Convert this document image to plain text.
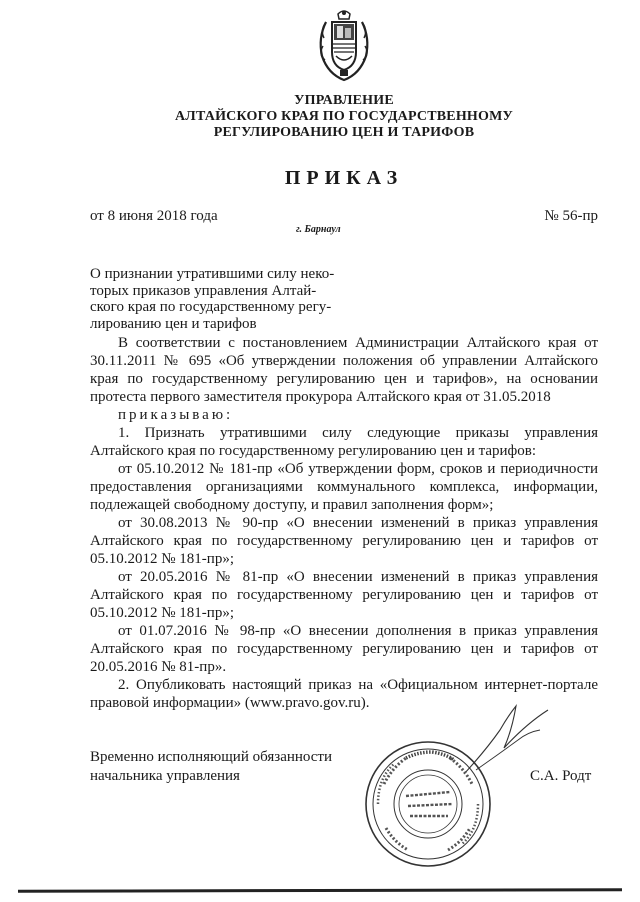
УПРАВЛЕНИЕ
АЛТАЙСКОГО КРАЯ ПО ГОСУДАРСТВЕННОМУ
РЕГУЛИРОВАНИЮ ЦЕН И ТАРИФОВ
ПРИКАЗ
от 8 июня 2018 года	№ 56-пр
г. Барнаул
О признании утратившими силу неко-
торых приказов управления Алтай-
ского края по государственному регу-
лированию цен и тарифов

В соответствии с постановлением Администрации Алтайского края от 30.11.2011 № 695 «Об утверждении положения об управлении Алтайского края по государственному регулированию цен и тарифов», на основании протеста первого заместителя прокурора Алтайского края от 31.05.2018

приказываю:

1. Признать утратившими силу следующие приказы управления Алтайского края по государственному регулированию цен и тарифов:

от 05.10.2012 № 181-пр «Об утверждении форм, сроков и периодичности предоставления организациями коммунального комплекса, информации, подлежащей свободному доступу, и правил заполнения форм»;

от 30.08.2013 № 90-пр «О внесении изменений в приказ управления Алтайского края по государственному регулированию цен и тарифов от 05.10.2012 № 181-пр»;

от 20.05.2016 № 81-пр «О внесении изменений в приказ управления Алтайского края по государственному регулированию цен и тарифов от 05.10.2012 № 181-пр»;

от 01.07.2016 № 98-пр «О внесении дополнения в приказ управления Алтайского края по государственному регулированию цен и тарифов от 20.05.2016 № 81-пр».

2. Опубликовать настоящий приказ на «Официальном интернет-портале правовой информации» (www.pravo.gov.ru).

Временно исполняющий обязанности
начальника управления	С.А. Родт
